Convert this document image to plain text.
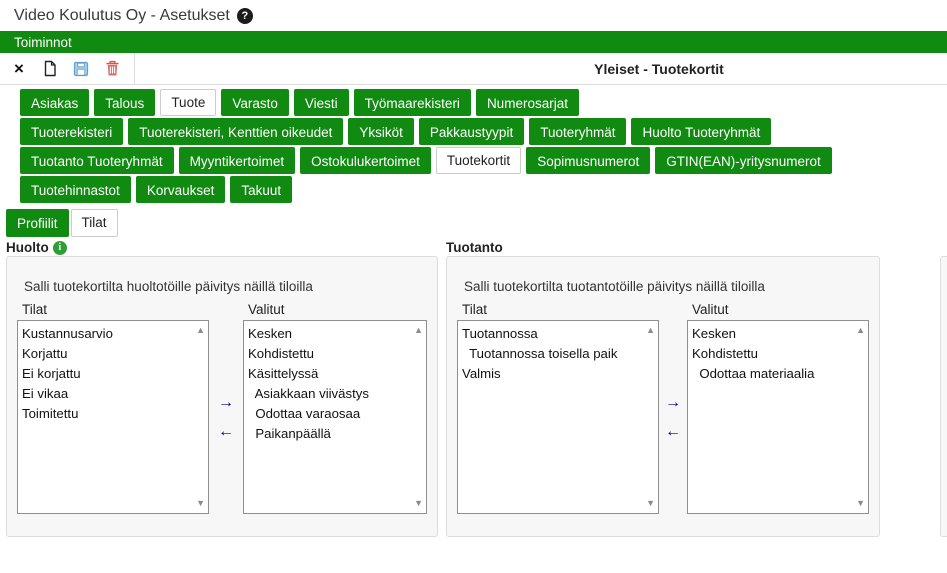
Video Koulutus Oy - Asetukset	?
Toiminnot
×	Yleiset - Tuotekortit
Asiakas	Talous	Tuote	Varasto	Viesti	Työmaarekisteri	Numerosarjat
Tuoterekisteri	Tuoterekisteri, Kenttien oikeudet	Yksiköt	Pakkaustyypit	Tuoteryhmät	Huolto Tuoteryhmät
Tuotanto Tuoteryhmät	Myyntikertoimet	Ostokulukertoimet	Tuotekortit	Sopimusnumerot	GTIN(EAN)-yritysnumerot
Tuotehinnastot	Korvaukset	Takuut
Profiilit	Tilat
Huolto i
Salli tuotekortilta huoltotöille päivitys näillä tiloilla
Tilat
▲
▼
Kustannusarvio
Korjattu
Ei korjattu
Ei vikaa
Toimitettu
→
←
Valitut
▲
▼
Kesken
Kohdistettu
Käsittelyssä
Asiakkaan viivästys
Odottaa varaosaa
Paikanpäällä
Tuotanto
Salli tuotekortilta tuotantotöille päivitys näillä tiloilla
Tilat
▲
▼
Tuotannossa
Tuotannossa toisella paik
Valmis
→
←
Valitut
▲
▼
Kesken
Kohdistettu
Odottaa materiaalia
